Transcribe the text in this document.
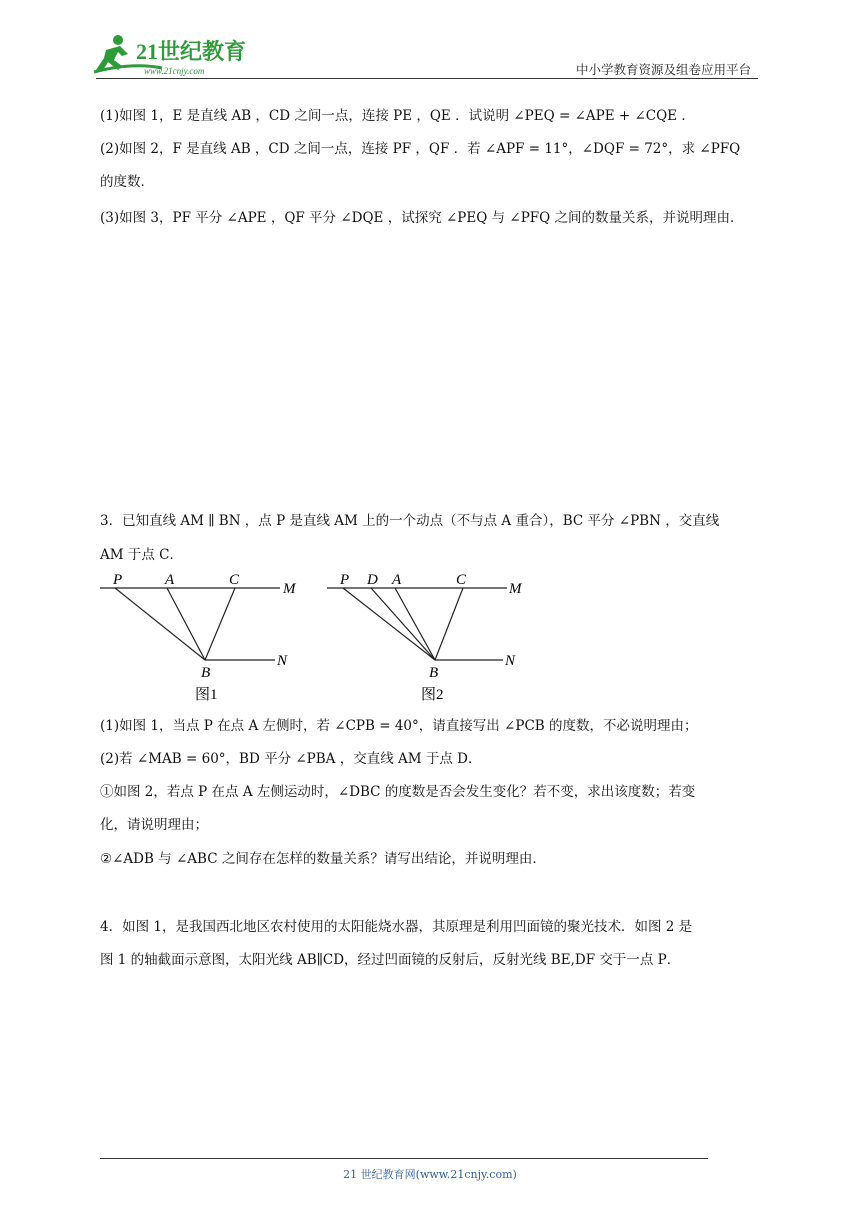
21世纪教育
www.21cnjy.com	中小学教育资源及组卷应用平台
(1)如图 1，E 是直线 AB ，CD 之间一点，连接 PE ，QE ．试说明 ∠PEQ = ∠APE + ∠CQE ．
(2)如图 2，F 是直线 AB ，CD 之间一点，连接 PF ，QF ．若 ∠APF = 11°，∠DQF = 72°，求 ∠PFQ
的度数．
(3)如图 3，PF 平分 ∠APE ，QF 平分 ∠DQE ，试探究 ∠PEQ 与 ∠PFQ 之间的数量关系，并说明理由．
3．已知直线 AM ∥ BN ，点 P 是直线 AM 上的一个动点（不与点 A 重合），BC 平分 ∠PBN ，交直线
AM 于点 C．
P	A	C
M
B
N
图1
P D A	C
M
B
N
图2
(1)如图 1，当点 P 在点 A 左侧时，若 ∠CPB = 40°，请直接写出 ∠PCB 的度数，不必说明理由；
(2)若 ∠MAB = 60°，BD 平分 ∠PBA ，交直线 AM 于点 D．
①如图 2，若点 P 在点 A 左侧运动时，∠DBC 的度数是否会发生变化？若不变，求出该度数；若变
化，请说明理由；
②∠ADB 与 ∠ABC 之间存在怎样的数量关系？请写出结论，并说明理由．
4．如图 1，是我国西北地区农村使用的太阳能烧水器，其原理是利用凹面镜的聚光技术．如图 2 是
图 1 的轴截面示意图，太阳光线 AB∥CD，经过凹面镜的反射后，反射光线 BE,DF 交于一点 P．
21 世纪教育网(www.21cnjy.com)
